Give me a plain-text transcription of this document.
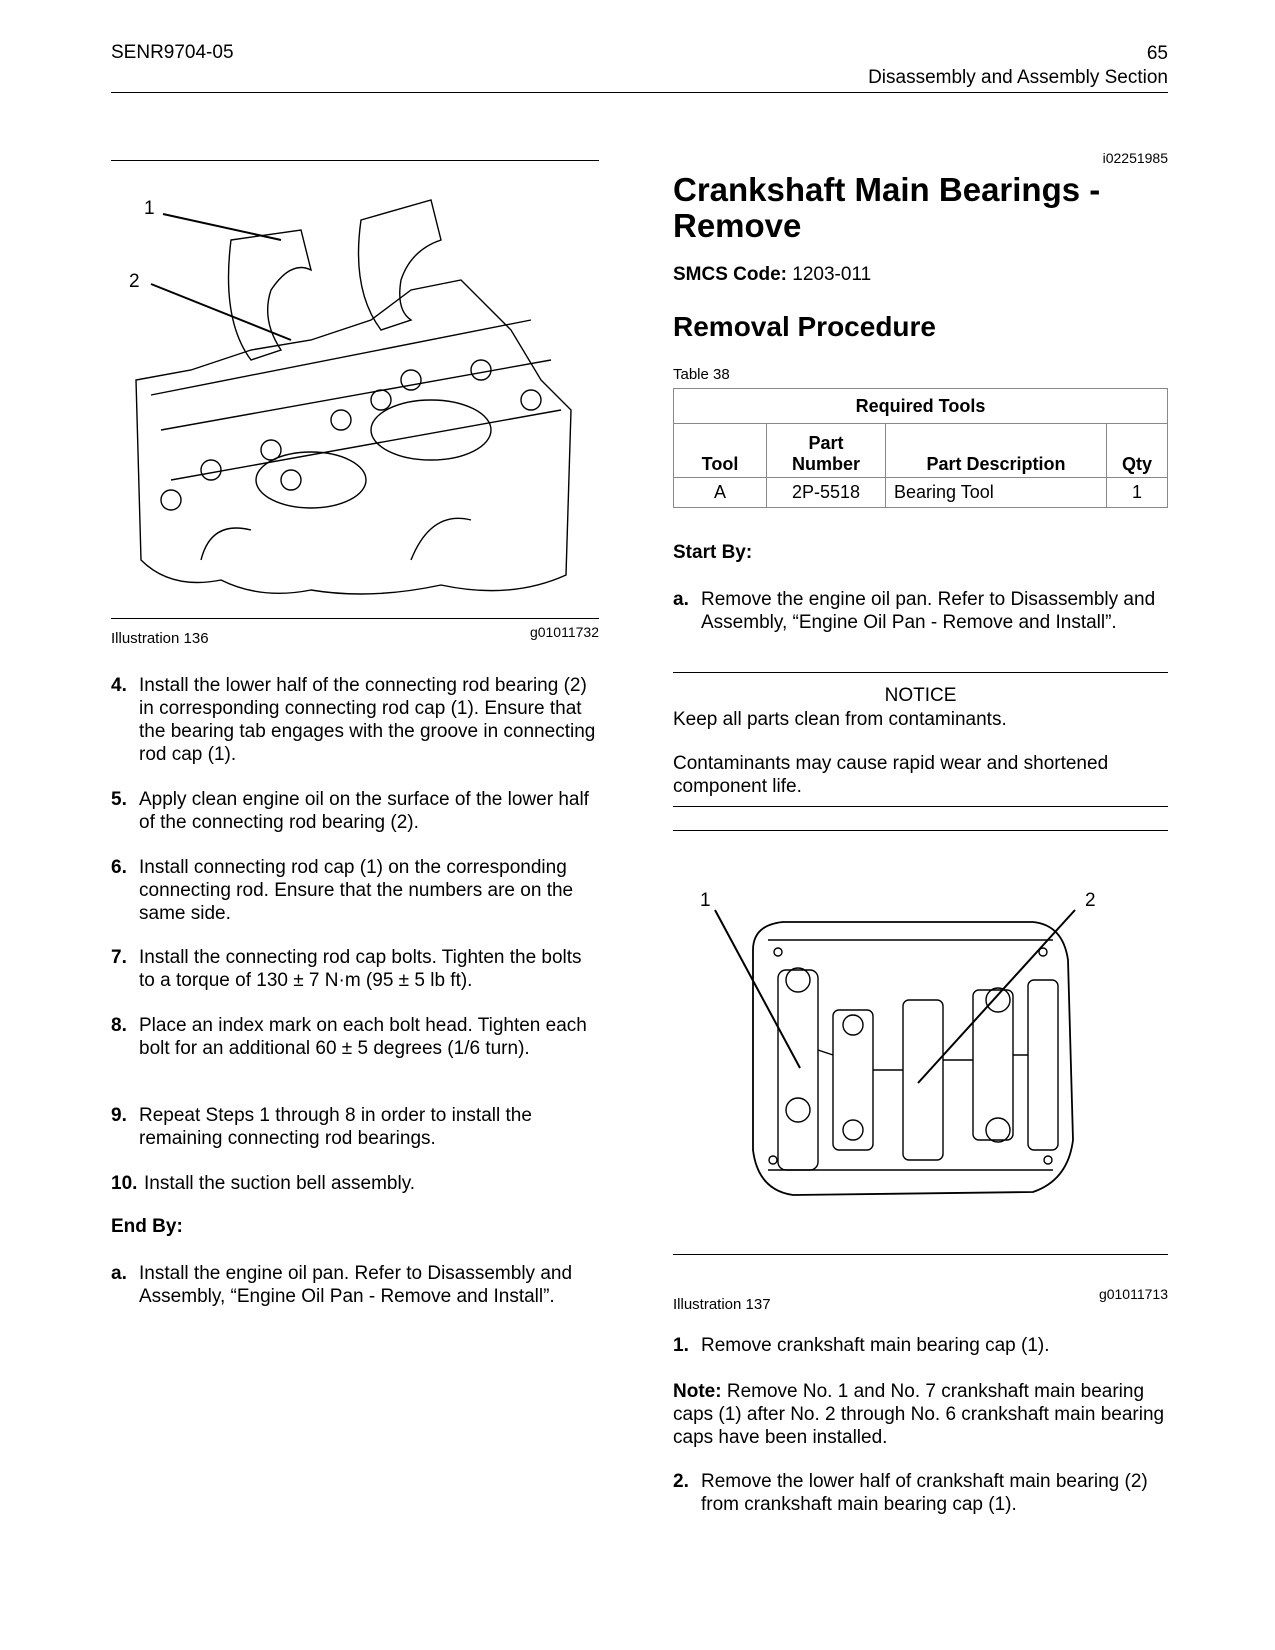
SENR9704-05	65
Disassembly and Assembly Section
1
2
Illustration 136	g01011732
4. Install the lower half of the connecting rod bearing (2) in corresponding connecting rod cap (1). Ensure that the bearing tab engages with the groove in connecting rod cap (1).
5. Apply clean engine oil on the surface of the lower half of the connecting rod bearing (2).
6. Install connecting rod cap (1) on the corresponding connecting rod. Ensure that the numbers are on the same side.
7. Install the connecting rod cap bolts. Tighten the bolts to a torque of 130 ± 7 N·m (95 ± 5 lb ft).
8. Place an index mark on each bolt head. Tighten each bolt for an additional 60 ± 5 degrees (1/6 turn).
9. Repeat Steps 1 through 8 in order to install the remaining connecting rod bearings.
10. Install the suction bell assembly.
End By:
a. Install the engine oil pan. Refer to Disassembly and Assembly, “Engine Oil Pan - Remove and Install”.
i02251985
Crankshaft Main Bearings - Remove
SMCS Code: 1203-011
Removal Procedure
Table 38
Required Tools			
Tool	Part Number	Part Description	Qty
A	2P-5518	Bearing Tool	1
Start By:
a. Remove the engine oil pan. Refer to Disassembly and Assembly, “Engine Oil Pan - Remove and Install”.
NOTICE
Keep all parts clean from contaminants.
Contaminants may cause rapid wear and shortened component life.
1	2
Illustration 137
g01011713
1. Remove crankshaft main bearing cap (1).
Note: Remove No. 1 and No. 7 crankshaft main bearing caps (1) after No. 2 through No. 6 crankshaft main bearing caps have been installed.
2. Remove the lower half of crankshaft main bearing (2) from crankshaft main bearing cap (1).
